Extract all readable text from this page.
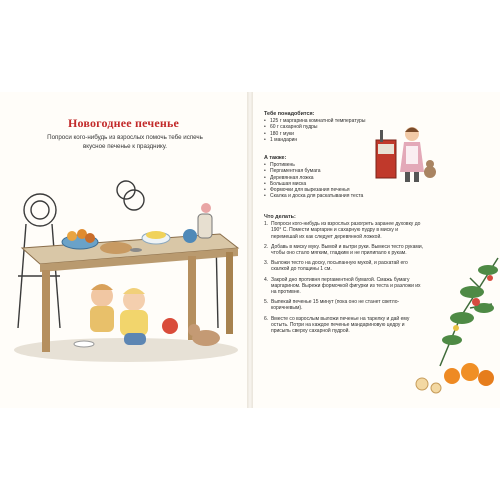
Новогоднее печенье
Попроси кого-нибудь из взрослых помочь тебе испечь вкусное печенье к празднику.
Тебе понадобится:
• 125 г маргарина комнатной температуры
• 60 г сахарной пудры
• 180 г муки
• 1 мандарин
А также:
• Противень
• Пергаментная бумага
• Деревянная ложка
• Большая миска
• Формочки для вырезания печенья
• Скалка и доска для раскатывания теста
Что делать:
1. Попроси кого-нибудь из взрослых разогреть заранее духовку до 190° С. Помести маргарин и сахарную пудру в миску и перемешай их как следует деревянной ложкой.
2. Добавь в миску муку. Вымой и вытри руки. Вымеси тесто руками, чтобы оно стало мягким, гладким и не прилипало к рукам.
3. Выложи тесто на доску, посыпанную мукой, и раскатай его скалкой до толщины 1 см.
4. Закрой дно противня пергаментной бумагой. Смажь бумагу маргарином. Вырежи формочкой фигурки из теста и разложи их на противне.
5. Выпекай печенье 15 минут (пока оно не станет светло-коричневым).
6. Вместе со взрослым выложи печенье на тарелку и дай ему остыть. Потри на каждое печенье мандариновую цедру и присыпь сверху сахарной пудрой.
